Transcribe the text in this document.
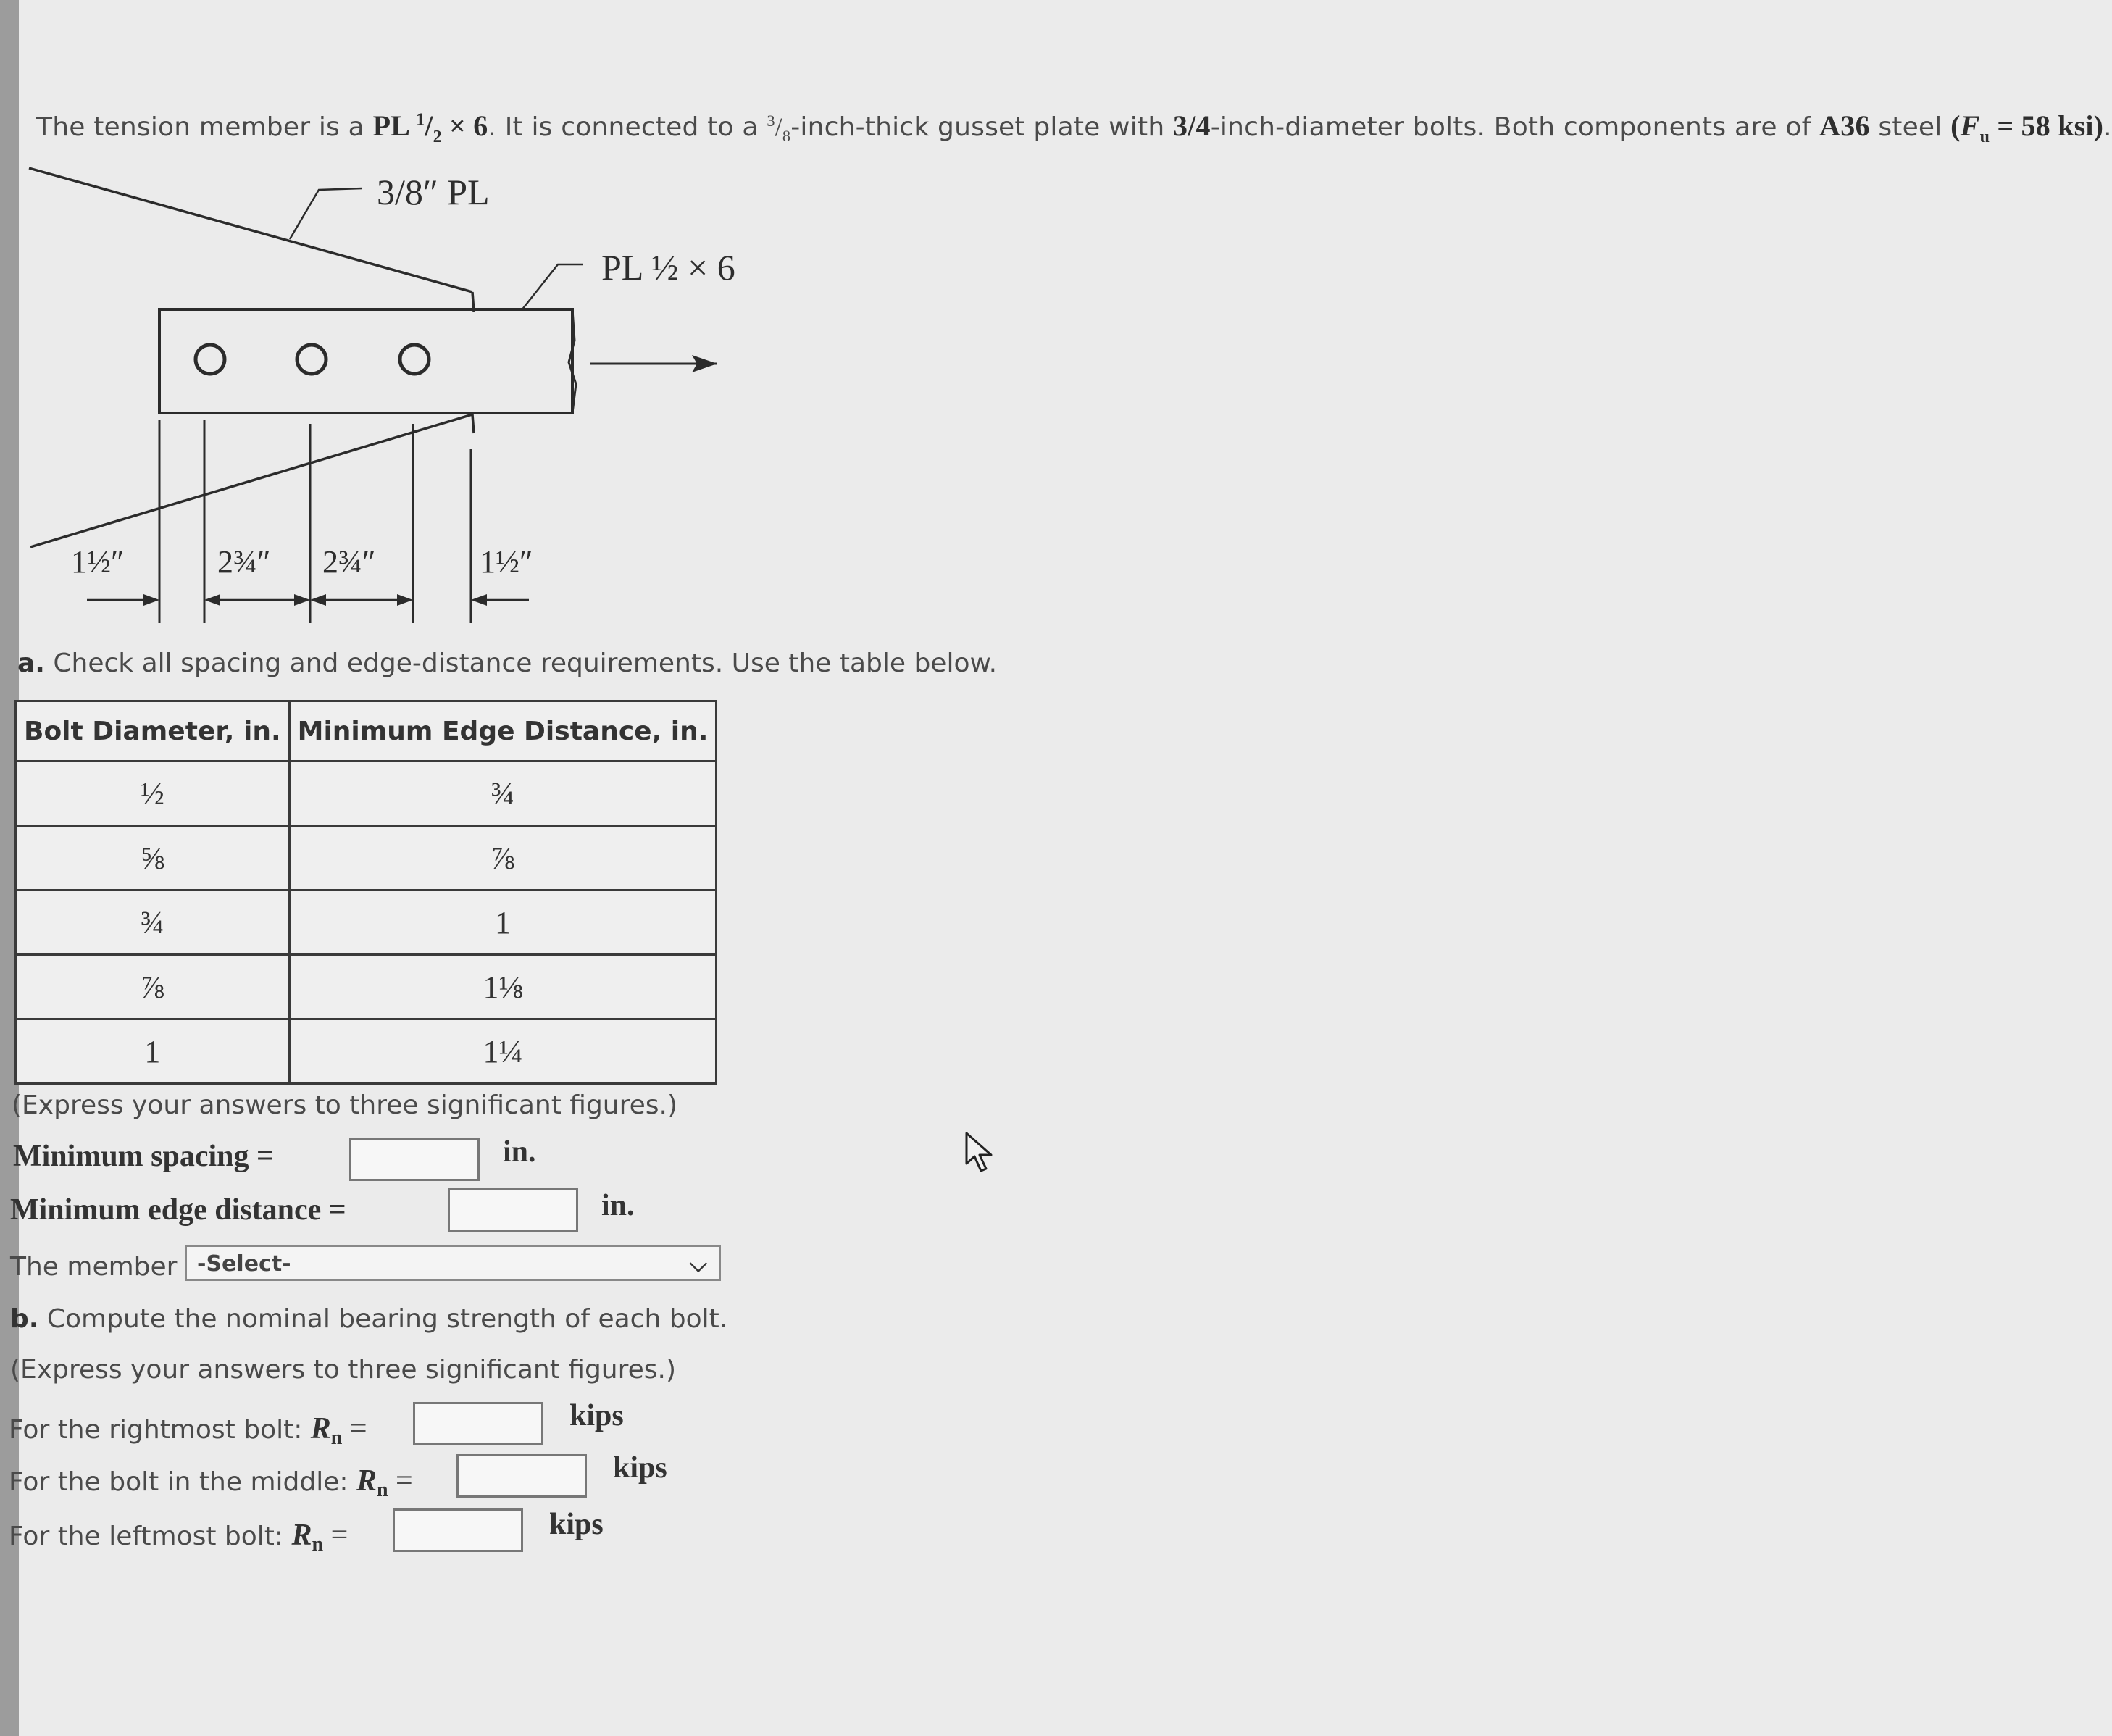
The tension member is a PL $^1/_2 \times 6$. It is connected to a $^3/_8-inch$-thick gusset plate with 3/4-inch-diameter bolts. Both components are of A36 steel ($F_u = 58$ ksi).
3/8″ PL
PL ½ × 6
1½″	2¾″ 2¾″	1½″
a. Check all spacing and edge-distance requirements. Use the table below.
Bolt Diameter, in.	Minimum Edge Distance, in.
½	¾
⅝	⅞
¾	1
⅞	1⅛
1	1¼
(Express your answers to three significant figures.)
Minimum spacing =	in.
Minimum edge distance =	in.
The member -Select-	⌵
b. Compute the nominal bearing strength of each bolt.
(Express your answers to three significant figures.)
For the rightmost bolt: $R_n$ =	kips
For the bolt in the middle: $R_n$ =	kips
For the leftmost bolt: $R_n$ =	kips
